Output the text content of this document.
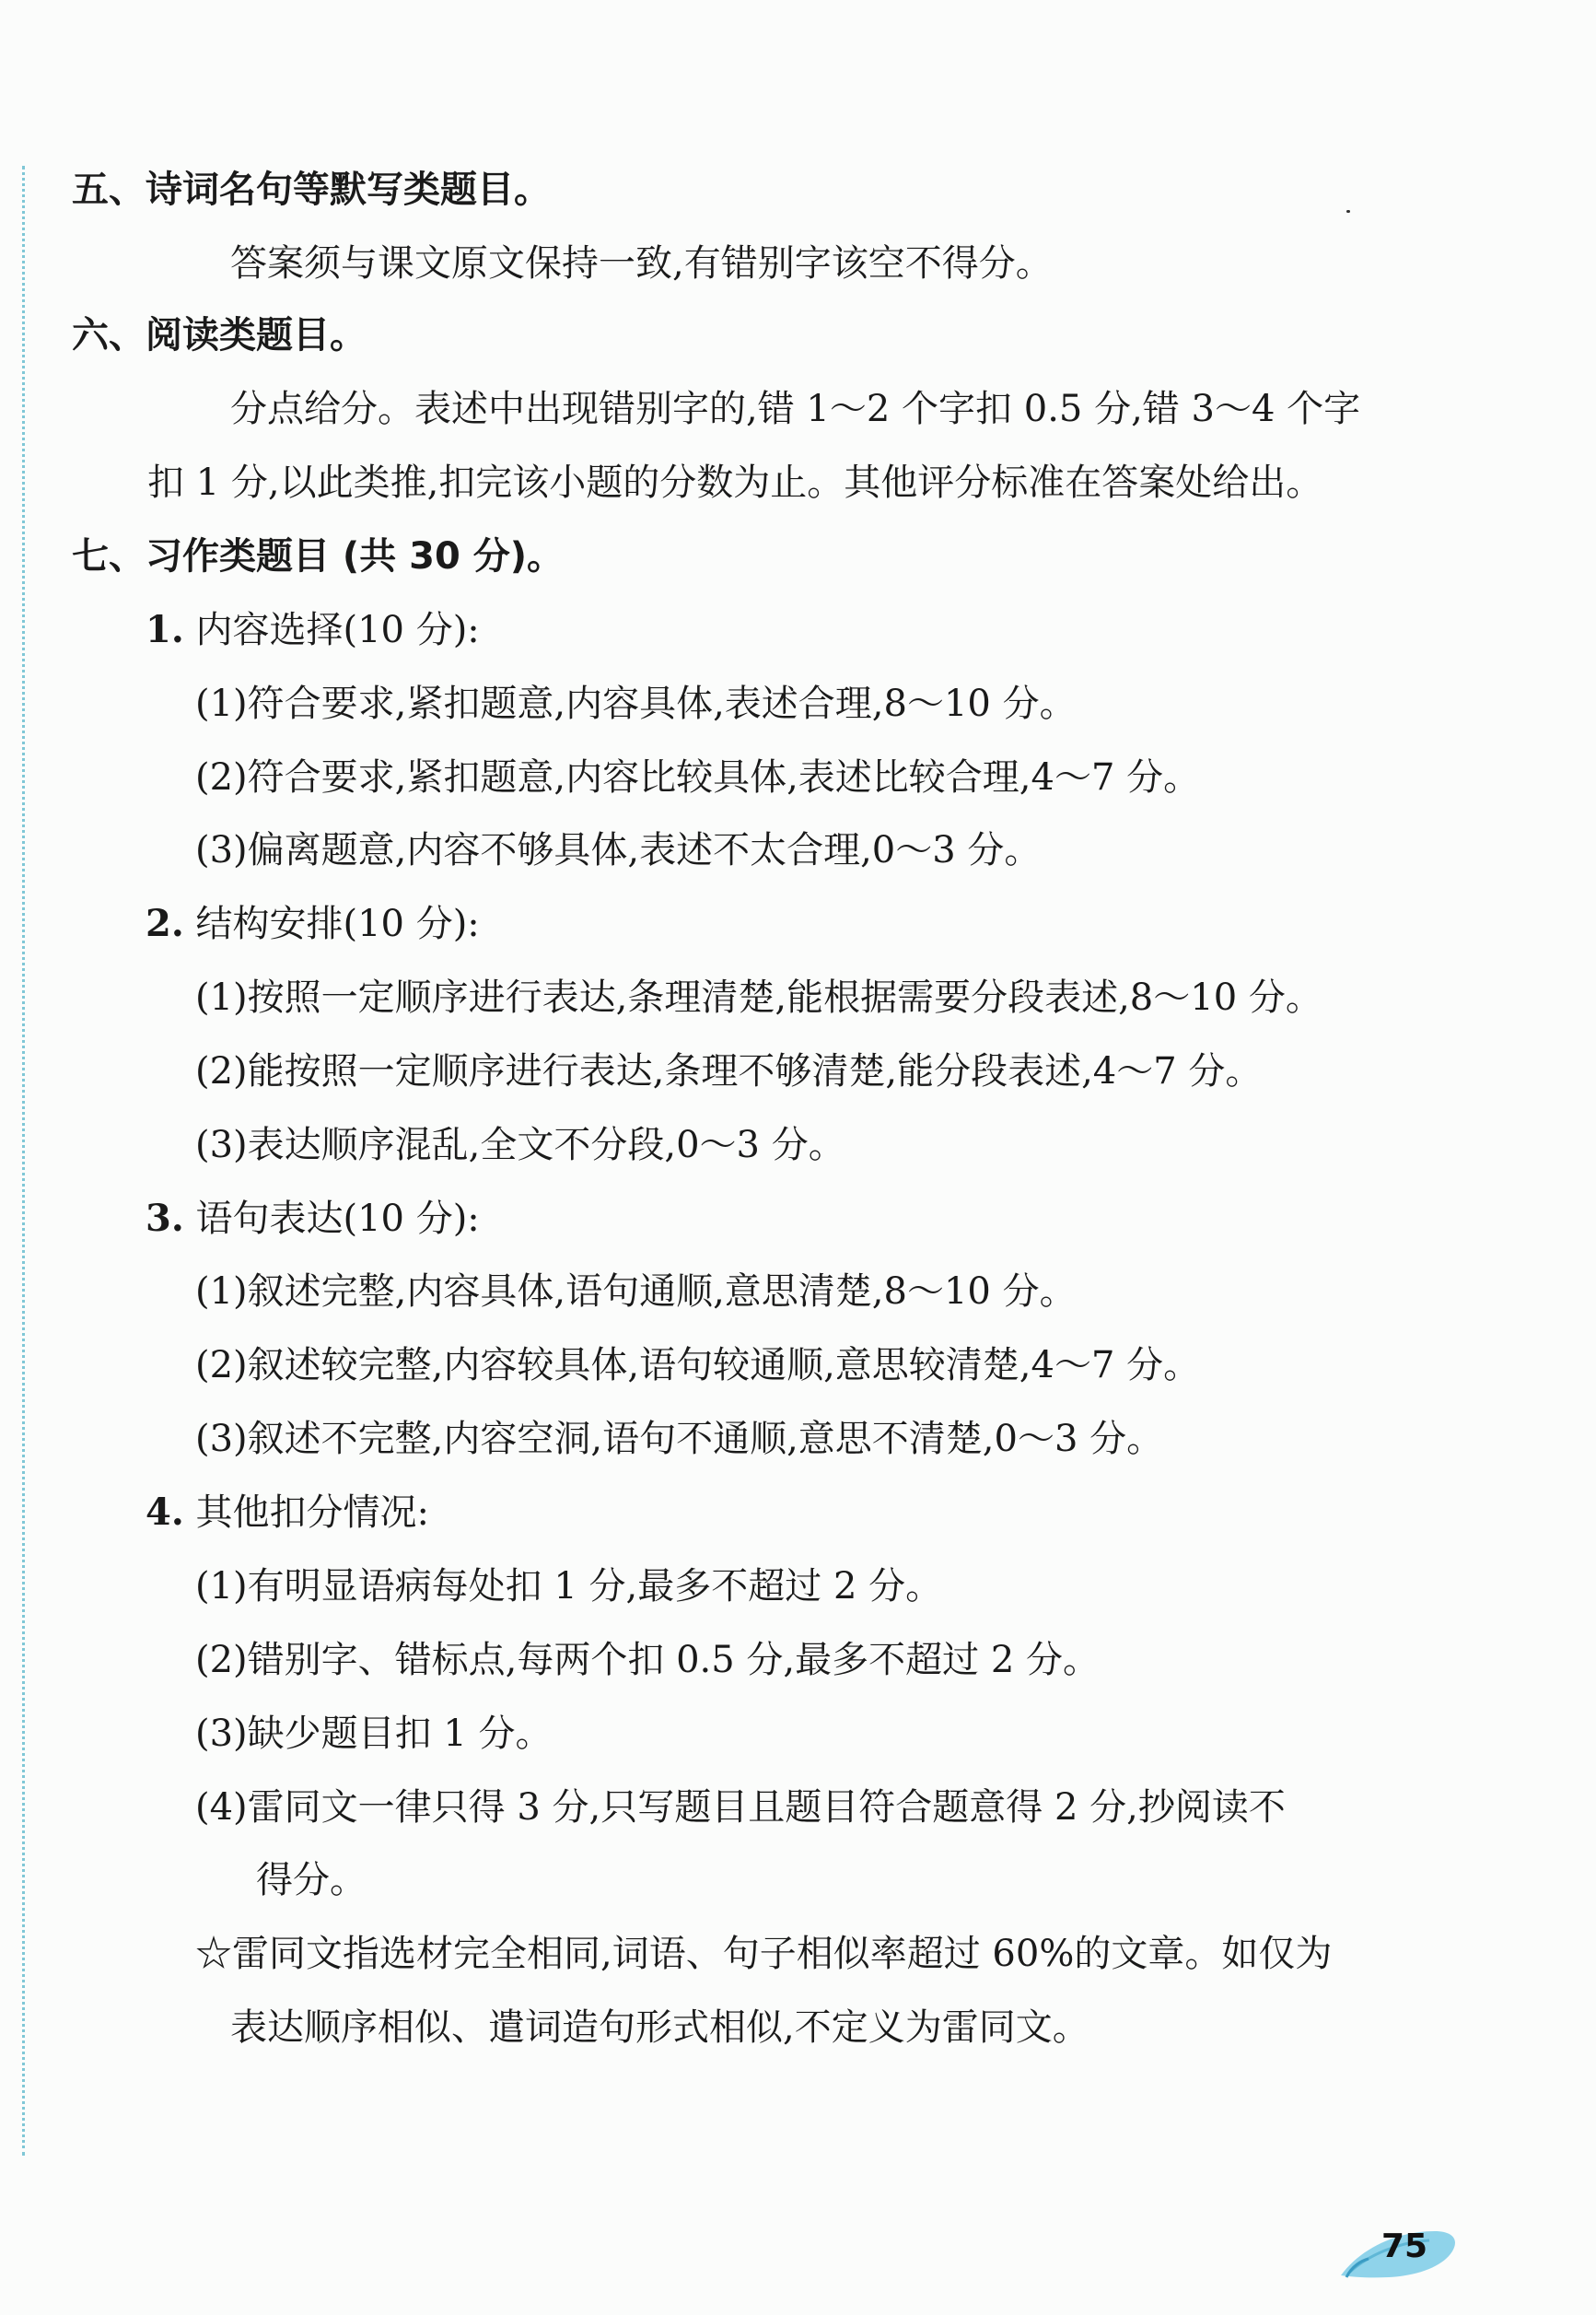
五、诗词名句等默写类题目。
答案须与课文原文保持一致,有错别字该空不得分。
六、阅读类题目。
分点给分。表述中出现错别字的,错 1～2 个字扣 0.5 分,错 3～4 个字
扣 1 分,以此类推,扣完该小题的分数为止。其他评分标准在答案处给出。
七、习作类题目 (共 30 分)。
1. 内容选择(10 分):
(1)符合要求,紧扣题意,内容具体,表述合理,8～10 分。
(2)符合要求,紧扣题意,内容比较具体,表述比较合理,4～7 分。
(3)偏离题意,内容不够具体,表述不太合理,0～3 分。
2. 结构安排(10 分):
(1)按照一定顺序进行表达,条理清楚,能根据需要分段表述,8～10 分。
(2)能按照一定顺序进行表达,条理不够清楚,能分段表述,4～7 分。
(3)表达顺序混乱,全文不分段,0～3 分。
3. 语句表达(10 分):
(1)叙述完整,内容具体,语句通顺,意思清楚,8～10 分。
(2)叙述较完整,内容较具体,语句较通顺,意思较清楚,4～7 分。
(3)叙述不完整,内容空洞,语句不通顺,意思不清楚,0～3 分。
4. 其他扣分情况:
(1)有明显语病每处扣 1 分,最多不超过 2 分。
(2)错别字、错标点,每两个扣 0.5 分,最多不超过 2 分。
(3)缺少题目扣 1 分。
(4)雷同文一律只得 3 分,只写题目且题目符合题意得 2 分,抄阅读不
得分。
☆雷同文指选材完全相同,词语、句子相似率超过 60%的文章。如仅为
表达顺序相似、遣词造句形式相似,不定义为雷同文。
75
